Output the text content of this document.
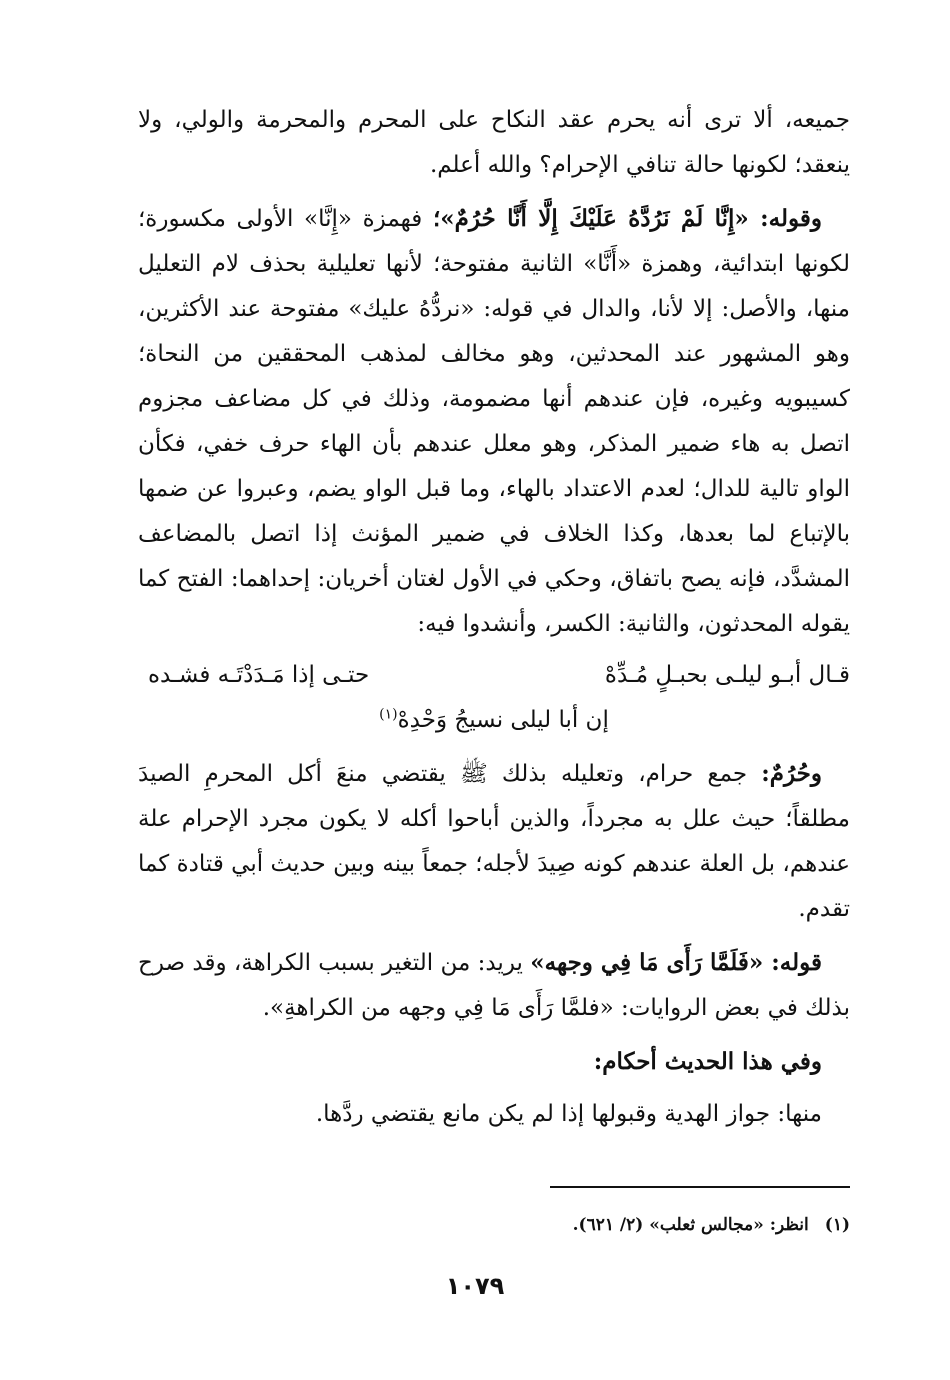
جميعه، ألا ترى أنه يحرم عقد النكاح على المحرم والمحرمة والولي، ولا ينعقد؛ لكونها حالة تنافي الإحرام؟ والله أعلم.

وقوله: «إِنَّا لَمْ نَرُدَّهُ عَلَيْكَ إِلَّا أَنَّا حُرُمٌ»؛ فهمزة «إِنَّا» الأولى مكسورة؛ لكونها ابتدائية، وهمزة «أَنَّا» الثانية مفتوحة؛ لأنها تعليلية بحذف لام التعليل منها، والأصل: إلا لأنا، والدال في قوله: «نردُّهُ عليك» مفتوحة عند الأكثرين، وهو المشهور عند المحدثين، وهو مخالف لمذهب المحققين من النحاة؛ كسيبويه وغيره، فإن عندهم أنها مضمومة، وذلك في كل مضاعف مجزوم اتصل به هاء ضمير المذكر، وهو معلل عندهم بأن الهاء حرف خفي، فكأن الواو تالية للدال؛ لعدم الاعتداد بالهاء، وما قبل الواو يضم، وعبروا عن ضمها بالإتباع لما بعدها، وكذا الخلاف في ضمير المؤنث إذا اتصل بالمضاعف المشدَّد، فإنه يصح باتفاق، وحكي في الأول لغتان أخريان: إحداهما: الفتح كما يقوله المحدثون، والثانية: الكسر، وأنشدوا فيه:

قـال أبـو ليلـى بحبـلٍ مُـدِّهْ
حتـى إذا مَـدَدْتَـه فشـده
إن أبا ليلى نسيجُ وَحْدِهْ$^{(١)}$

وحُرُمٌ: جمع حرام، وتعليله بذلك ﷺ يقتضي منعَ أكل المحرمِ الصيدَ مطلقاً؛ حيث علل به مجرداً، والذين أباحوا أكله لا يكون مجرد الإحرام علة عندهم، بل العلة عندهم كونه صِيدَ لأجله؛ جمعاً بينه وبين حديث أبي قتادة كما تقدم.

قوله: «فَلَمَّا رَأَى مَا فِي وجهه» يريد: من التغير بسبب الكراهة، وقد صرح بذلك في بعض الروايات: «فلمَّا رَأَى مَا فِي وجهه من الكراهةِ».

وفي هذا الحديث أحكام:

منها: جواز الهدية وقبولها إذا لم يكن مانع يقتضي ردَّها.

(١)انظر: «مجالس ثعلب» (٢/ ٦٢١).
١٠٧٩
